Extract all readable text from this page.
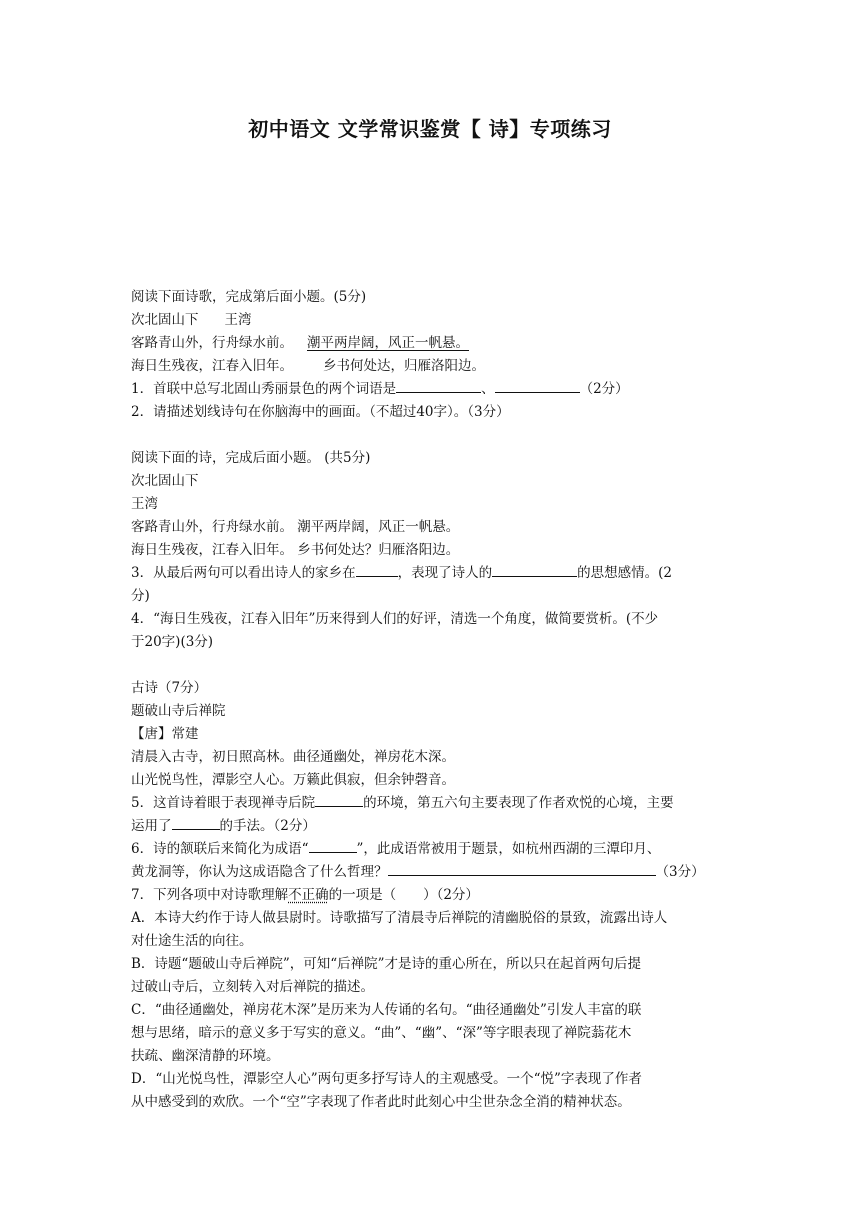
初中语文 文学常识鉴赏【 诗】专项练习
阅读下面诗歌，完成第后面小题。(5分)
次北固山下 王湾
客路青山外，行舟绿水前。 潮平两岸阔，风正一帆悬。
海日生残夜，江春入旧年。 乡书何处达，归雁洛阳边。
1．首联中总写北固山秀丽景色的两个词语是	、	（2分）
2．请描述划线诗句在你脑海中的画面。（不超过40字）。（3分）
阅读下面的诗，完成后面小题。 (共5分)
次北固山下
王湾
客路青山外，行舟绿水前。 潮平两岸阔，风正一帆悬。
海日生残夜，江春入旧年。 乡书何处达？归雁洛阳边。
3．从最后两句可以看出诗人的家乡在	，表现了诗人的	的思想感情。(2
分)
4．“海日生残夜，江春入旧年”历来得到人们的好评，清选一个角度，做简要赏析。(不少
于20字)(3分)
古诗（7分）
题破山寺后禅院
【唐】常建
清晨入古寺，初日照高林。曲径通幽处，禅房花木深。
山光悦鸟性，潭影空人心。万籁此俱寂，但余钟磬音。
5．这首诗着眼于表现禅寺后院	的环境，第五六句主要表现了作者欢悦的心境，主要
运用了	的手法。（2分）
6．诗的颔联后来简化为成语“	”，此成语常被用于题景，如杭州西湖的三潭印月、
黄龙洞等，你认为这成语隐含了什么哲理？	（3分）
7．下列各项中对诗歌理解不正确的一项是（　　）（2分）
A．本诗大约作于诗人做县尉时。诗歌描写了清晨寺后禅院的清幽脱俗的景致，流露出诗人
对仕途生活的向往。
B．诗题“题破山寺后禅院”，可知“后禅院”才是诗的重心所在，所以只在起首两句后提
过破山寺后，立刻转入对后禅院的描述。
C．“曲径通幽处，禅房花木深”是历来为人传诵的名句。“曲径通幽处”引发人丰富的联
想与思绪，暗示的意义多于写实的意义。“曲”、“幽”、“深”等字眼表现了禅院蓊花木
扶疏、幽深清静的环境。
D．“山光悦鸟性，潭影空人心”两句更多抒写诗人的主观感受。一个“悦”字表现了作者
从中感受到的欢欣。一个“空”字表现了作者此时此刻心中尘世杂念全消的精神状态。
